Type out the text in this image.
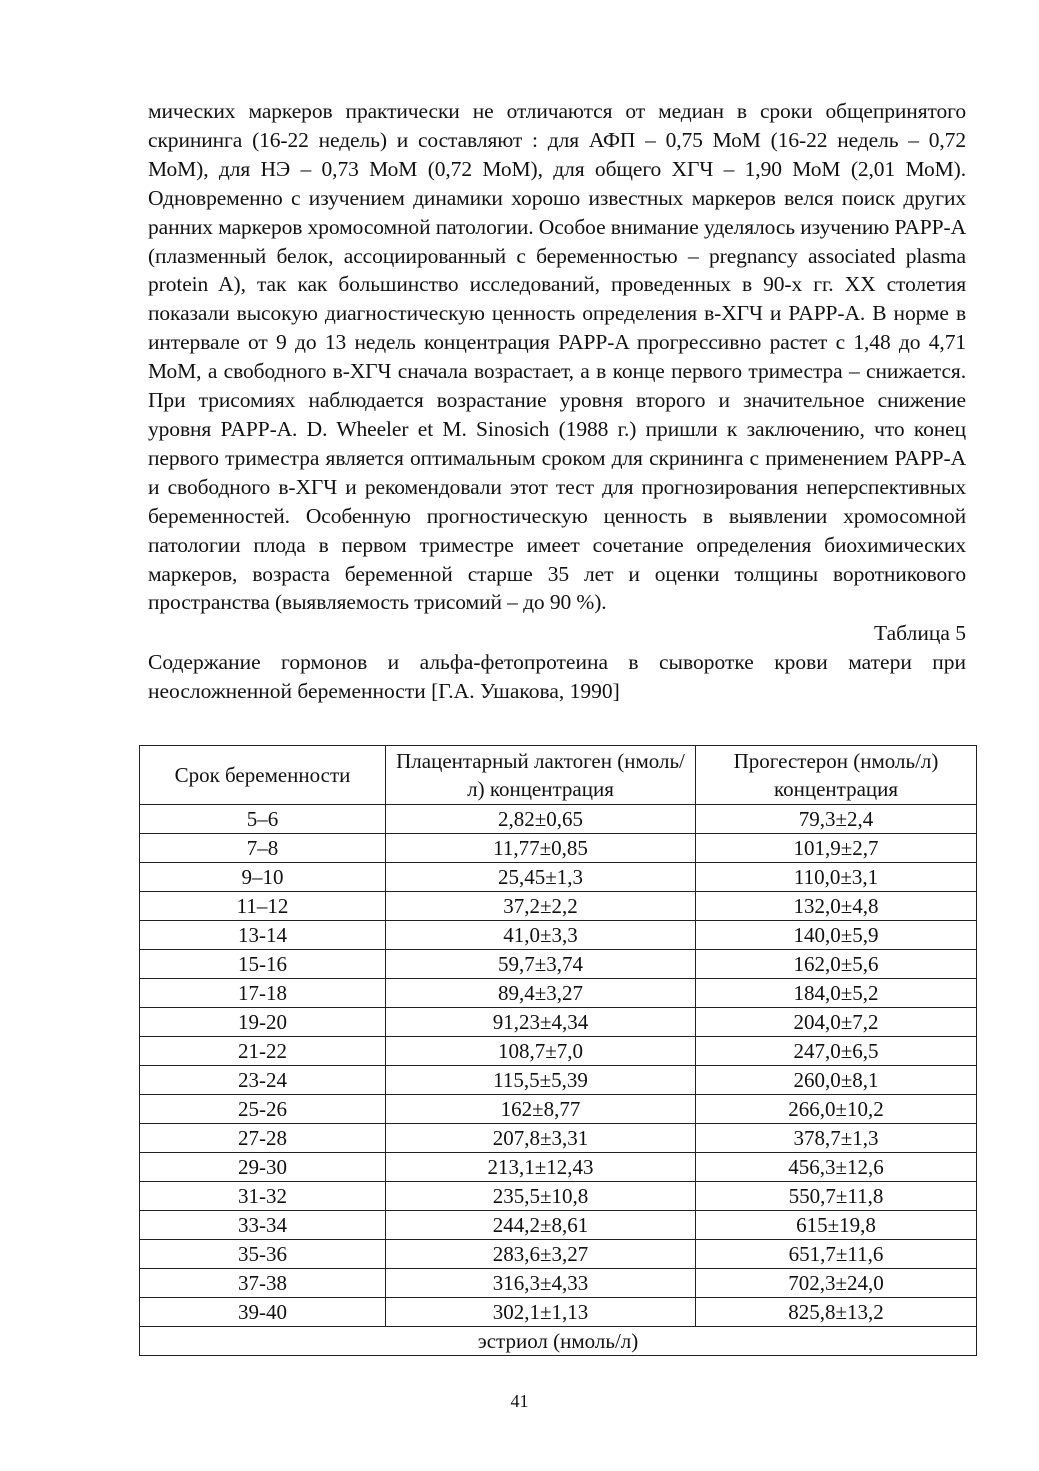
мических маркеров практически не отличаются от медиан в сроки общепринятого скрининга (16-22 недель) и составляют : для АФП – 0,75 МоМ (16-22 недель – 0,72 МоМ), для НЭ – 0,73 МоМ (0,72 МоМ), для общего ХГЧ – 1,90 МоМ (2,01 МоМ). Одновременно с изучением динамики хорошо известных маркеров велся поиск других ранних маркеров хромосомной патологии. Особое внимание уделялось изучению PAPP-A (плазменный белок, ассоциированный с беременностью – pregnancy associated plasma protein A), так как большинство исследований, проведенных в 90-х гг. XX столетия показали высокую диагностическую ценность определения в-ХГЧ и PAPP-A. В норме в интервале от 9 до 13 недель концентрация PAPP-A прогрессивно растет с 1,48 до 4,71 МоМ, а свободного в-ХГЧ сначала возрастает, а в конце первого триместра – снижается. При трисомиях наблюдается возрастание уровня второго и значительное снижение уровня PAPP-A. D. Wheeler et M. Sinosich (1988 г.) пришли к заключению, что конец первого триместра является оптимальным сроком для скрининга с применением PAPP-A и свободного в-ХГЧ и рекомендовали этот тест для прогнозирования неперспективных беременностей. Особенную прогностическую ценность в выявлении хромосомной патологии плода в первом триместре имеет сочетание определения биохимических маркеров, возраста беременной старше 35 лет и оценки толщины воротникового пространства (выявляемость трисомий – до 90 %).

Таблица 5
Содержание гормонов и альфа-фетопротеина в сыворотке крови матери при неосложненной беременности [Г.А. Ушакова, 1990]
Срок беременности	Плацентарный лактоген (нмоль/л) концентрация	Прогестерон (нмоль/л) концентрация
5–6	2,82±0,65	79,3±2,4
7–8	11,77±0,85	101,9±2,7
9–10	25,45±1,3	110,0±3,1
11–12	37,2±2,2	132,0±4,8
13-14	41,0±3,3	140,0±5,9
15-16	59,7±3,74	162,0±5,6
17-18	89,4±3,27	184,0±5,2
19-20	91,23±4,34	204,0±7,2
21-22	108,7±7,0	247,0±6,5
23-24	115,5±5,39	260,0±8,1
25-26	162±8,77	266,0±10,2
27-28	207,8±3,31	378,7±1,3
29-30	213,1±12,43	456,3±12,6
31-32	235,5±10,8	550,7±11,8
33-34	244,2±8,61	615±19,8
35-36	283,6±3,27	651,7±11,6
37-38	316,3±4,33	702,3±24,0
39-40	302,1±1,13	825,8±13,2
эстриол (нмоль/л)		
41
